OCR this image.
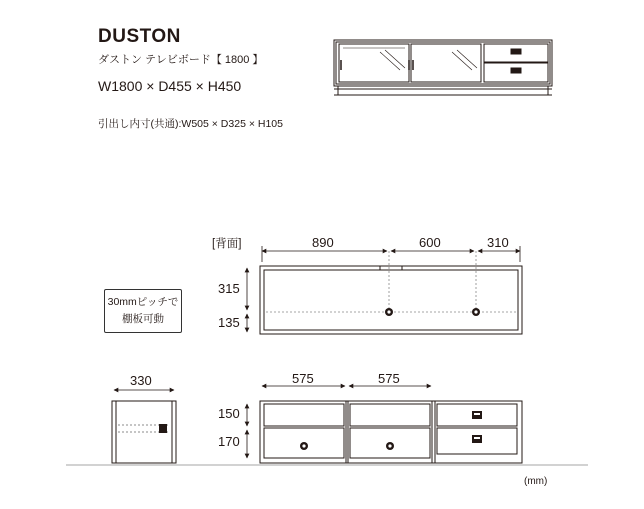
DUSTON
ダストン テレビボード【 1800 】
W1800 × D455 × H450
引出し内寸(共通):W505 × D325 × H105
[背面]	890	600	310
315
135
30mmピッチで
棚板可動
330	575	575
150
170
(mm)
